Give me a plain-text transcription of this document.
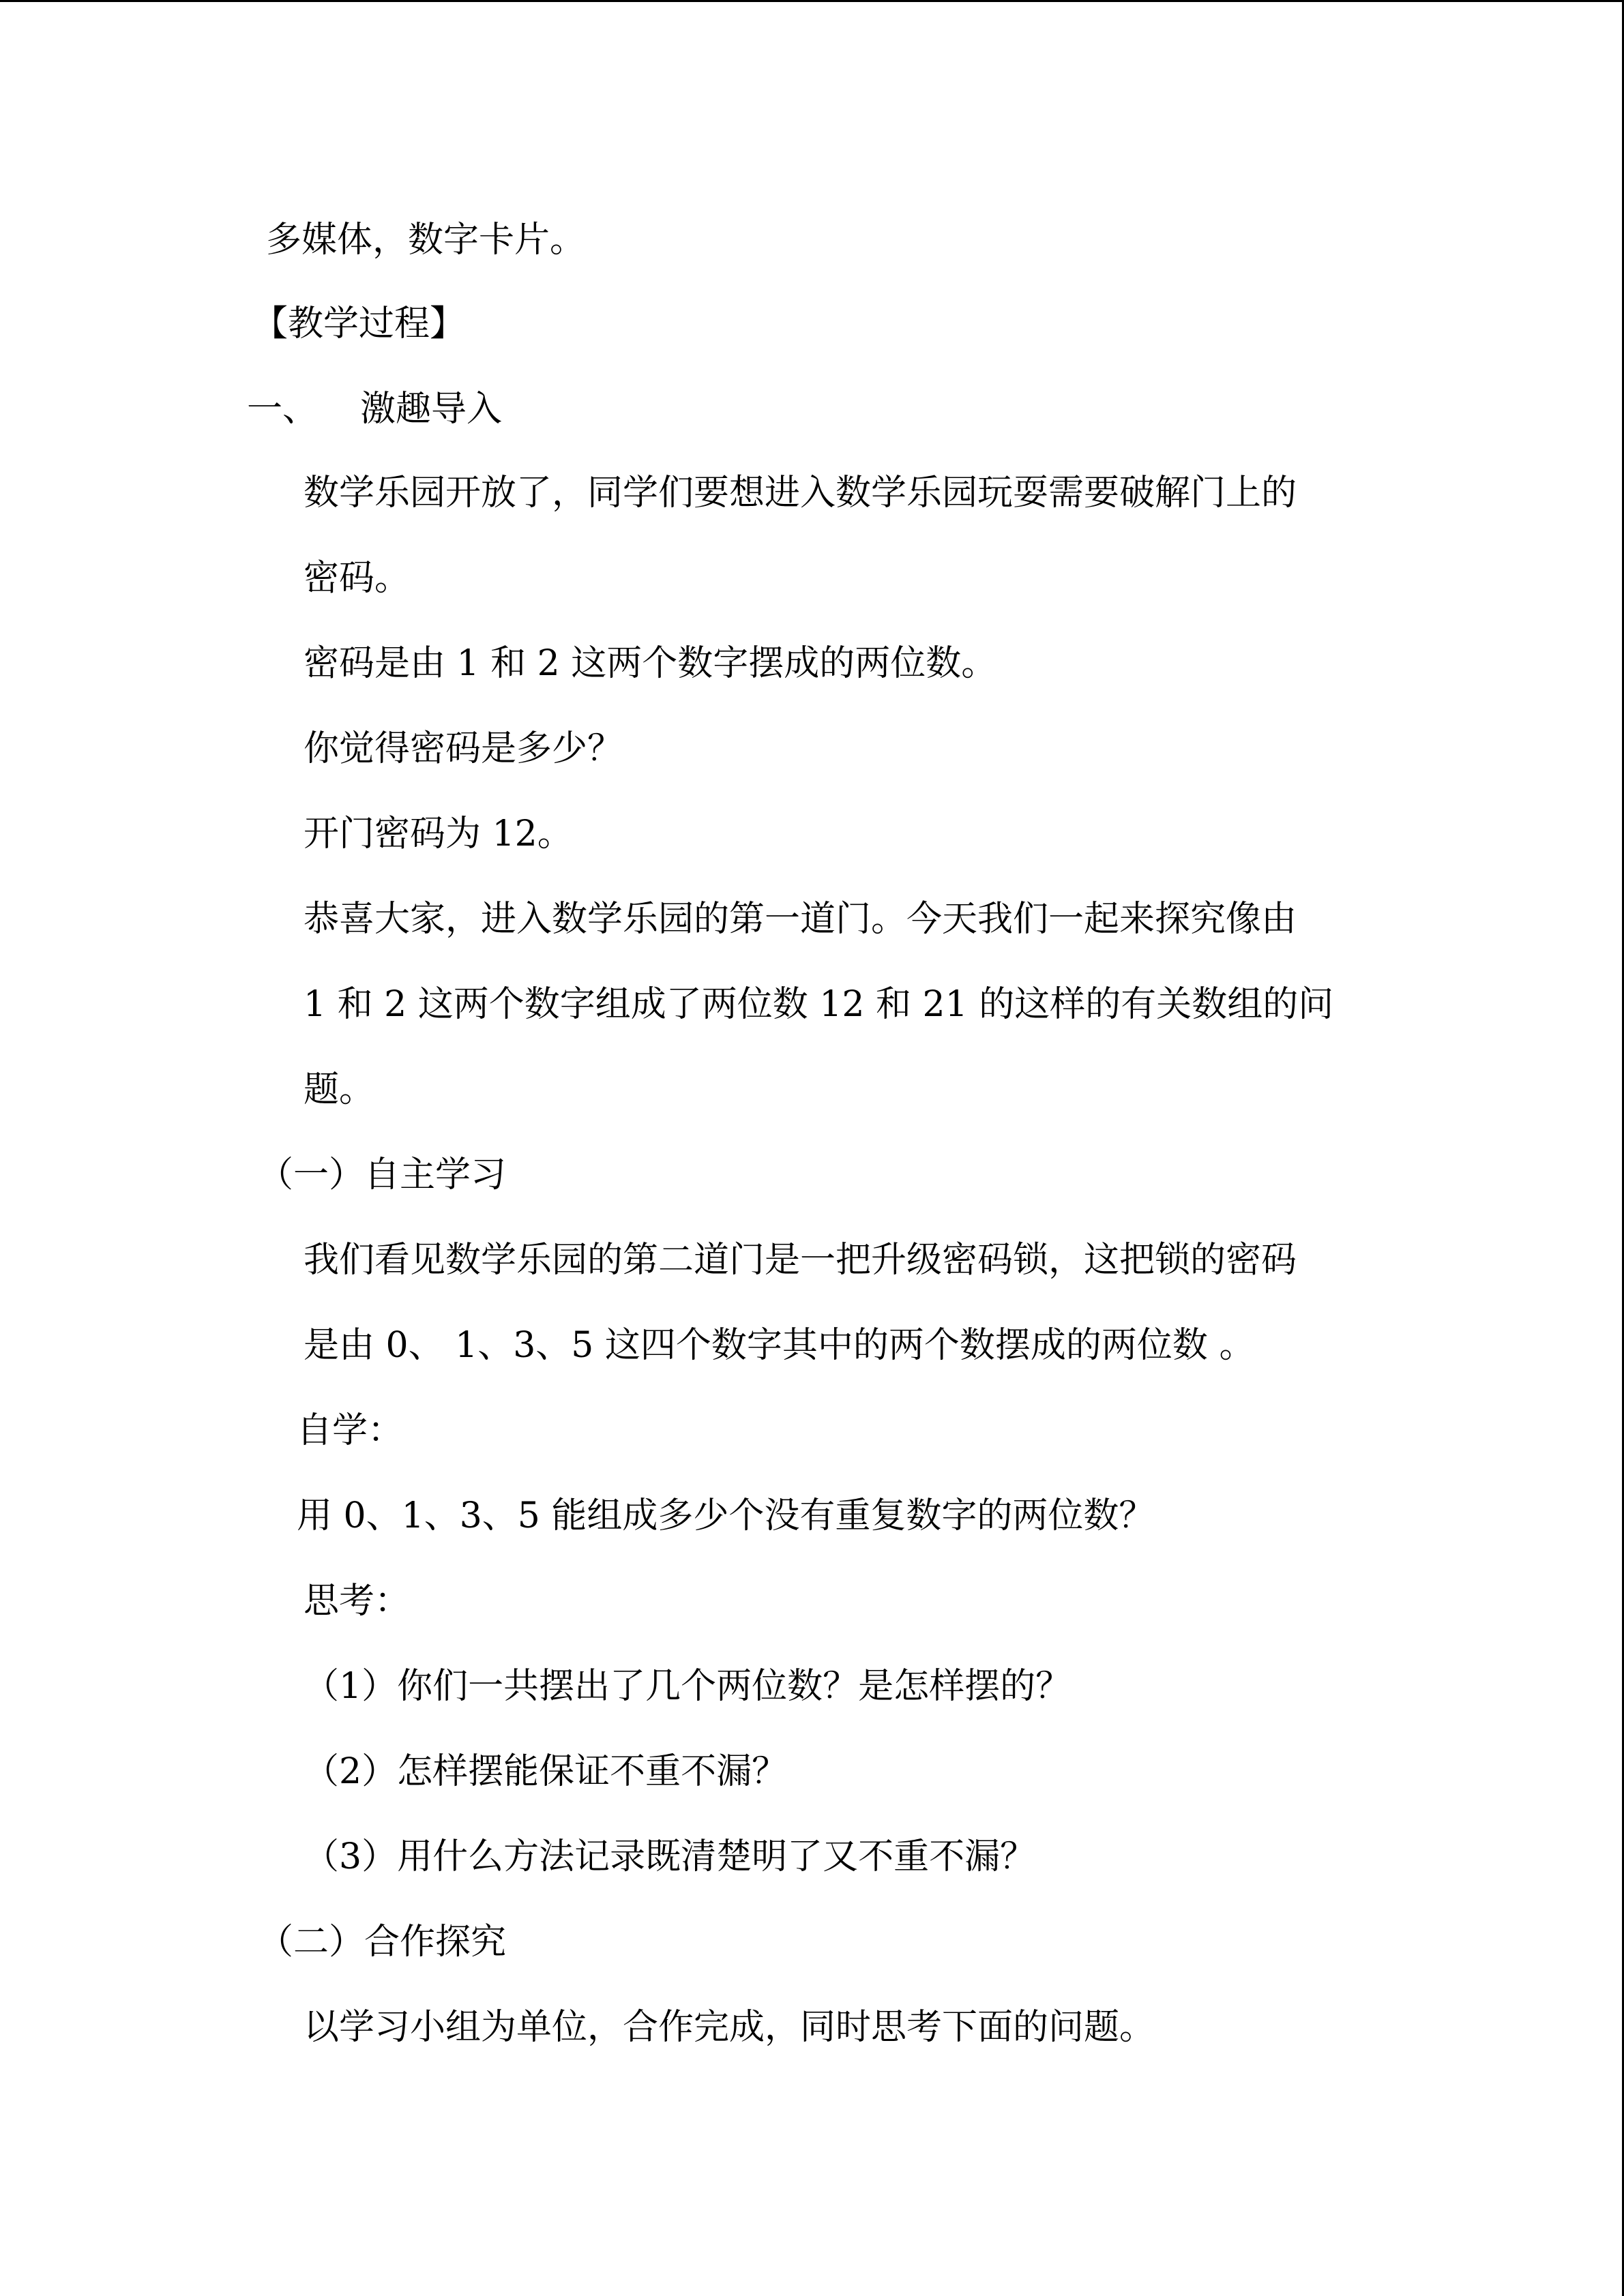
多媒体，数字卡片。
【教学过程】
一、 激趣导入
数学乐园开放了，同学们要想进入数学乐园玩耍需要破解门上的
密码。
密码是由 1 和 2 这两个数字摆成的两位数。
你觉得密码是多少？
开门密码为 12。
恭喜大家，进入数学乐园的第一道门。今天我们一起来探究像由
1 和 2 这两个数字组成了两位数 12 和 21 的这样的有关数组的问
题。
（一）自主学习
我们看见数学乐园的第二道门是一把升级密码锁，这把锁的密码
是由 0、 1、3、5 这四个数字其中的两个数摆成的两位数 。
自学：
用 0、1、3、5 能组成多少个没有重复数字的两位数？
思考：
（1）你们一共摆出了几个两位数？是怎样摆的？
（2）怎样摆能保证不重不漏？
（3）用什么方法记录既清楚明了又不重不漏？
（二）合作探究
以学习小组为单位，合作完成，同时思考下面的问题。
